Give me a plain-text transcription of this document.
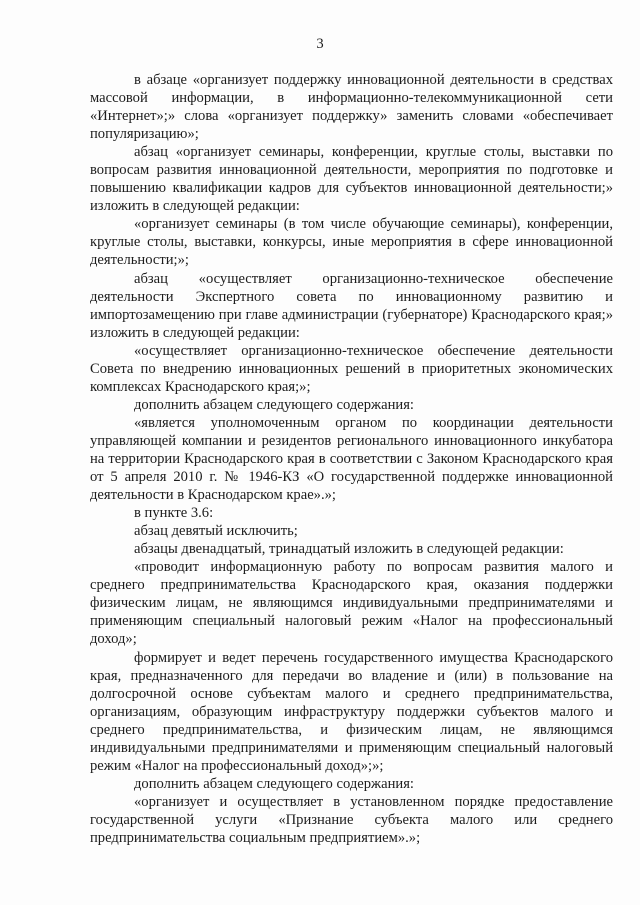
3

в абзаце «организует поддержку инновационной деятельности в средствах массовой информации, в информационно-телекоммуникационной сети «Интернет»;» слова «организует поддержку» заменить словами «обеспечивает популяризацию»;

абзац «организует семинары, конференции, круглые столы, выставки по вопросам развития инновационной деятельности, мероприятия по подготовке и повышению квалификации кадров для субъектов инновационной деятельности;» изложить в следующей редакции:

«организует семинары (в том числе обучающие семинары), конференции, круглые столы, выставки, конкурсы, иные мероприятия в сфере инновационной деятельности;»;

абзац «осуществляет организационно-техническое обеспечение деятельности Экспертного совета по инновационному развитию и импортозамещению при главе администрации (губернаторе) Краснодарского края;» изложить в следующей редакции:

«осуществляет организационно-техническое обеспечение деятельности Совета по внедрению инновационных решений в приоритетных экономических комплексах Краснодарского края;»;

дополнить абзацем следующего содержания:

«является уполномоченным органом по координации деятельности управляющей компании и резидентов регионального инновационного инкубатора на территории Краснодарского края в соответствии с Законом Краснодарского края от 5 апреля 2010 г. № 1946-КЗ «О государственной поддержке инновационной деятельности в Краснодарском крае».»;

в пункте 3.6:

абзац девятый исключить;

абзацы двенадцатый, тринадцатый изложить в следующей редакции:

«проводит информационную работу по вопросам развития малого и среднего предпринимательства Краснодарского края, оказания поддержки физическим лицам, не являющимся индивидуальными предпринимателями и применяющим специальный налоговый режим «Налог на профессиональный доход»;

формирует и ведет перечень государственного имущества Краснодарского края, предназначенного для передачи во владение и (или) в пользование на долгосрочной основе субъектам малого и среднего предпринимательства, организациям, образующим инфраструктуру поддержки субъектов малого и среднего предпринимательства, и физическим лицам, не являющимся индивидуальными предпринимателями и применяющим специальный налоговый режим «Налог на профессиональный доход»;»;

дополнить абзацем следующего содержания:

«организует и осуществляет в установленном порядке предоставление государственной услуги «Признание субъекта малого или среднего предпринимательства социальным предприятием».»;
